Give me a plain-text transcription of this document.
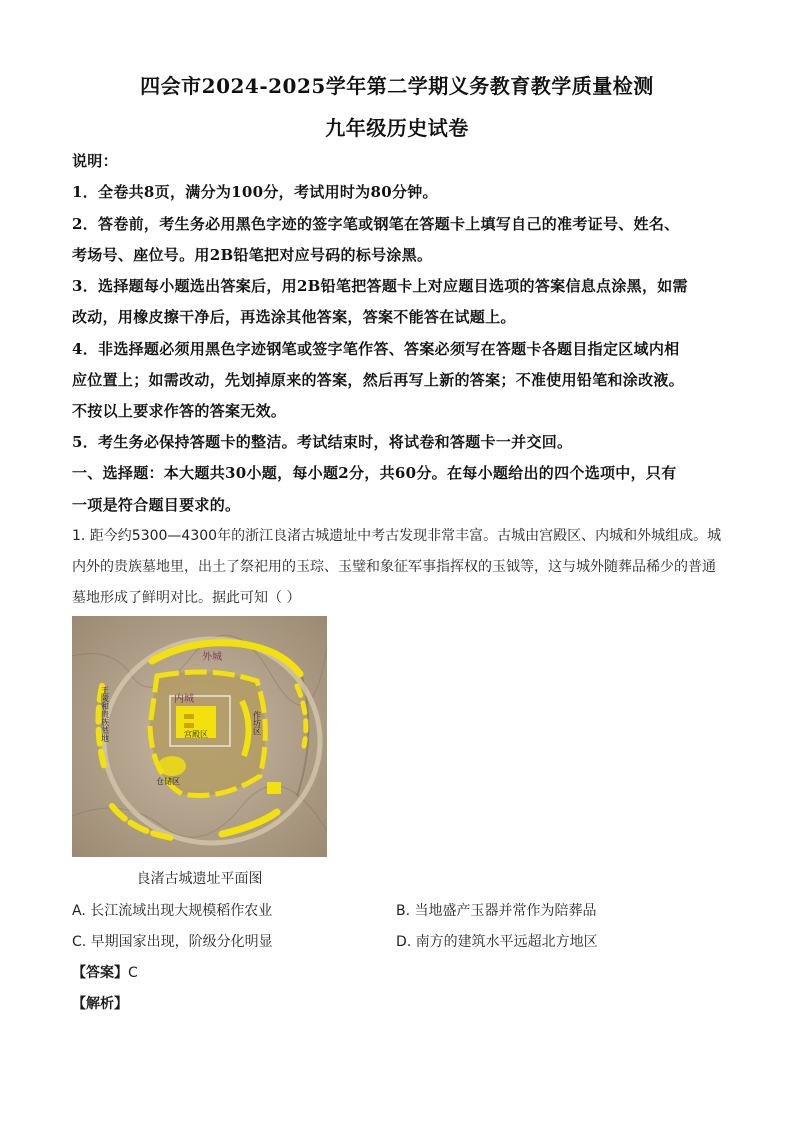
四会市2024-2025学年第二学期义务教育教学质量检测
九年级历史试卷
说明：
1．全卷共8页，满分为100分，考试用时为80分钟。
2．答卷前，考生务必用黑色字迹的签字笔或钢笔在答题卡上填写自己的准考证号、姓名、
考场号、座位号。用2B铅笔把对应号码的标号涂黑。
3．选择题每小题选出答案后，用2B铅笔把答题卡上对应题目选项的答案信息点涂黑，如需
改动，用橡皮擦干净后，再选涂其他答案，答案不能答在试题上。
4．非选择题必须用黑色字迹钢笔或签字笔作答、答案必须写在答题卡各题目指定区域内相
应位置上；如需改动，先划掉原来的答案，然后再写上新的答案；不准使用铅笔和涂改液。
不按以上要求作答的答案无效。
5．考生务必保持答题卡的整洁。考试结束时，将试卷和答题卡一并交回。
一、选择题：本大题共30小题，每小题2分，共60分。在每小题给出的四个选项中，只有
一项是符合题目要求的。
1. 距今约5300—4300年的浙江良渚古城遗址中考古发现非常丰富。古城由宫殿区、内城和外城组成。城
内外的贵族墓地里，出土了祭祀用的玉琮、玉璧和象征军事指挥权的玉钺等，这与城外随葬品稀少的普通
墓地形成了鲜明对比。据此可知（ ）
外城
内城
宫殿区	作坊区
王陵和贵族墓地
仓储区
良渚古城遗址平面图
A. 长江流域出现大规模稻作农业	B. 当地盛产玉器并常作为陪葬品
C. 早期国家出现，阶级分化明显	D. 南方的建筑水平远超北方地区
【答案】C
【解析】
